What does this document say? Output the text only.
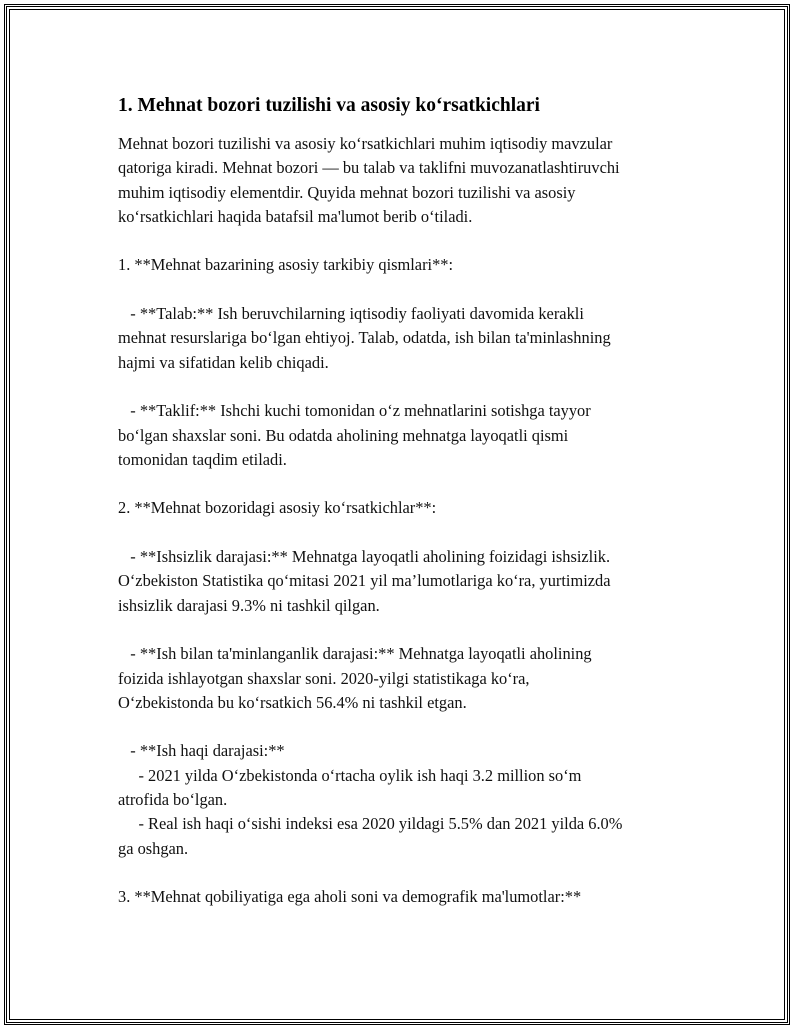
1. Mehnat bozori tuzilishi va asosiy ko‘rsatkichlari

Mehnat bozori tuzilishi va asosiy ko‘rsatkichlari muhim iqtisodiy mavzular

qatoriga kiradi. Mehnat bozori — bu talab va taklifni muvozanatlashtiruvchi

muhim iqtisodiy elementdir. Quyida mehnat bozori tuzilishi va asosiy

ko‘rsatkichlari haqida batafsil ma'lumot berib o‘tiladi.

1. **Mehnat bazarining asosiy tarkibiy qismlari**:

- **Talab:** Ish beruvchilarning iqtisodiy faoliyati davomida kerakli

mehnat resurslariga bo‘lgan ehtiyoj. Talab, odatda, ish bilan ta'minlashning

hajmi va sifatidan kelib chiqadi.

- **Taklif:** Ishchi kuchi tomonidan o‘z mehnatlarini sotishga tayyor

bo‘lgan shaxslar soni. Bu odatda aholining mehnatga layoqatli qismi

tomonidan taqdim etiladi.

2. **Mehnat bozoridagi asosiy ko‘rsatkichlar**:

- **Ishsizlik darajasi:** Mehnatga layoqatli aholining foizidagi ishsizlik.

O‘zbekiston Statistika qo‘mitasi 2021 yil ma’lumotlariga ko‘ra, yurtimizda

ishsizlik darajasi 9.3% ni tashkil qilgan.

- **Ish bilan ta'minlanganlik darajasi:** Mehnatga layoqatli aholining

foizida ishlayotgan shaxslar soni. 2020-yilgi statistikaga ko‘ra,

O‘zbekistonda bu ko‘rsatkich 56.4% ni tashkil etgan.

- **Ish haqi darajasi:**

- 2021 yilda O‘zbekistonda o‘rtacha oylik ish haqi 3.2 million so‘m

atrofida bo‘lgan.

- Real ish haqi o‘sishi indeksi esa 2020 yildagi 5.5% dan 2021 yilda 6.0%

ga oshgan.

3. **Mehnat qobiliyatiga ega aholi soni va demografik ma'lumotlar:**
